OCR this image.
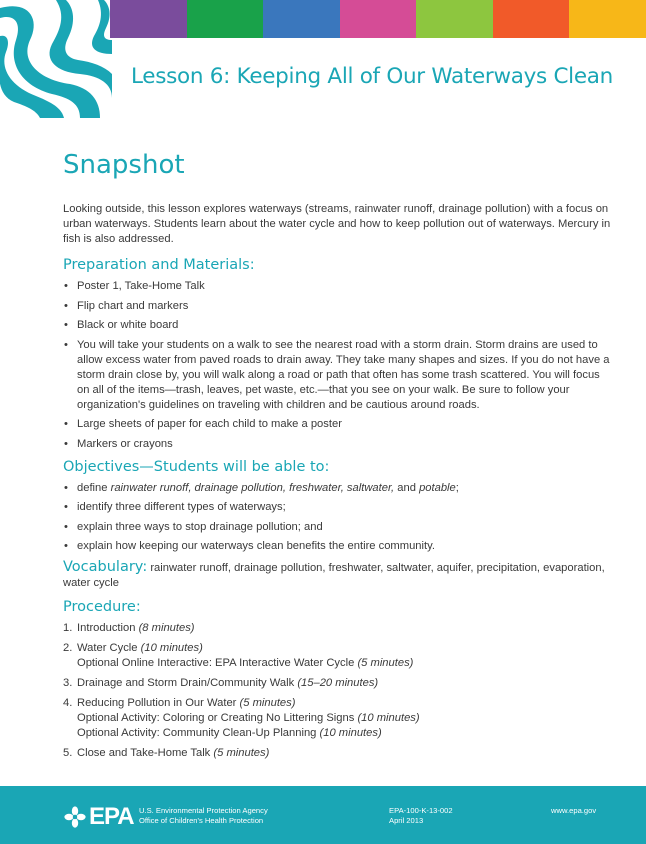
Lesson 6: Keeping All of Our Waterways Clean
Snapshot

Looking outside, this lesson explores waterways (streams, rainwater runoff, drainage pollution) with a focus on urban waterways. Students learn about the water cycle and how to keep pollution out of waterways. Mercury in fish is also addressed.

Preparation and Materials:
• Poster 1, Take-Home Talk
• Flip chart and markers
• Black or white board
• You will take your students on a walk to see the nearest road with a storm drain. Storm drains are used to allow excess water from paved roads to drain away. They take many shapes and sizes. If you do not have a storm drain close by, you will walk along a road or path that often has some trash scattered. You will focus on all of the items—trash, leaves, pet waste, etc.—that you see on your walk. Be sure to follow your organization's guidelines on traveling with children and be cautious around roads.
• Large sheets of paper for each child to make a poster
• Markers or crayons
Objectives—Students will be able to:
• define rainwater runoff, drainage pollution, freshwater, saltwater, and potable;
• identify three different types of waterways;
• explain three ways to stop drainage pollution; and
• explain how keeping our waterways clean benefits the entire community.

Vocabulary: rainwater runoff, drainage pollution, freshwater, saltwater, aquifer, precipitation, evaporation, water cycle

Procedure:
1. Introduction (8 minutes)
2. Water Cycle (10 minutes)
Optional Online Interactive: EPA Interactive Water Cycle (5 minutes)
3. Drainage and Storm Drain/Community Walk (15–20 minutes)
4. Reducing Pollution in Our Water (5 minutes)
Optional Activity: Coloring or Creating No Littering Signs (10 minutes)
Optional Activity: Community Clean-Up Planning (10 minutes)
5. Close and Take-Home Talk (5 minutes)
EPA U.S. Environmental Protection Agency
Office of Children's Health Protection
EPA-100-K-13-002
April 2013
www.epa.gov
